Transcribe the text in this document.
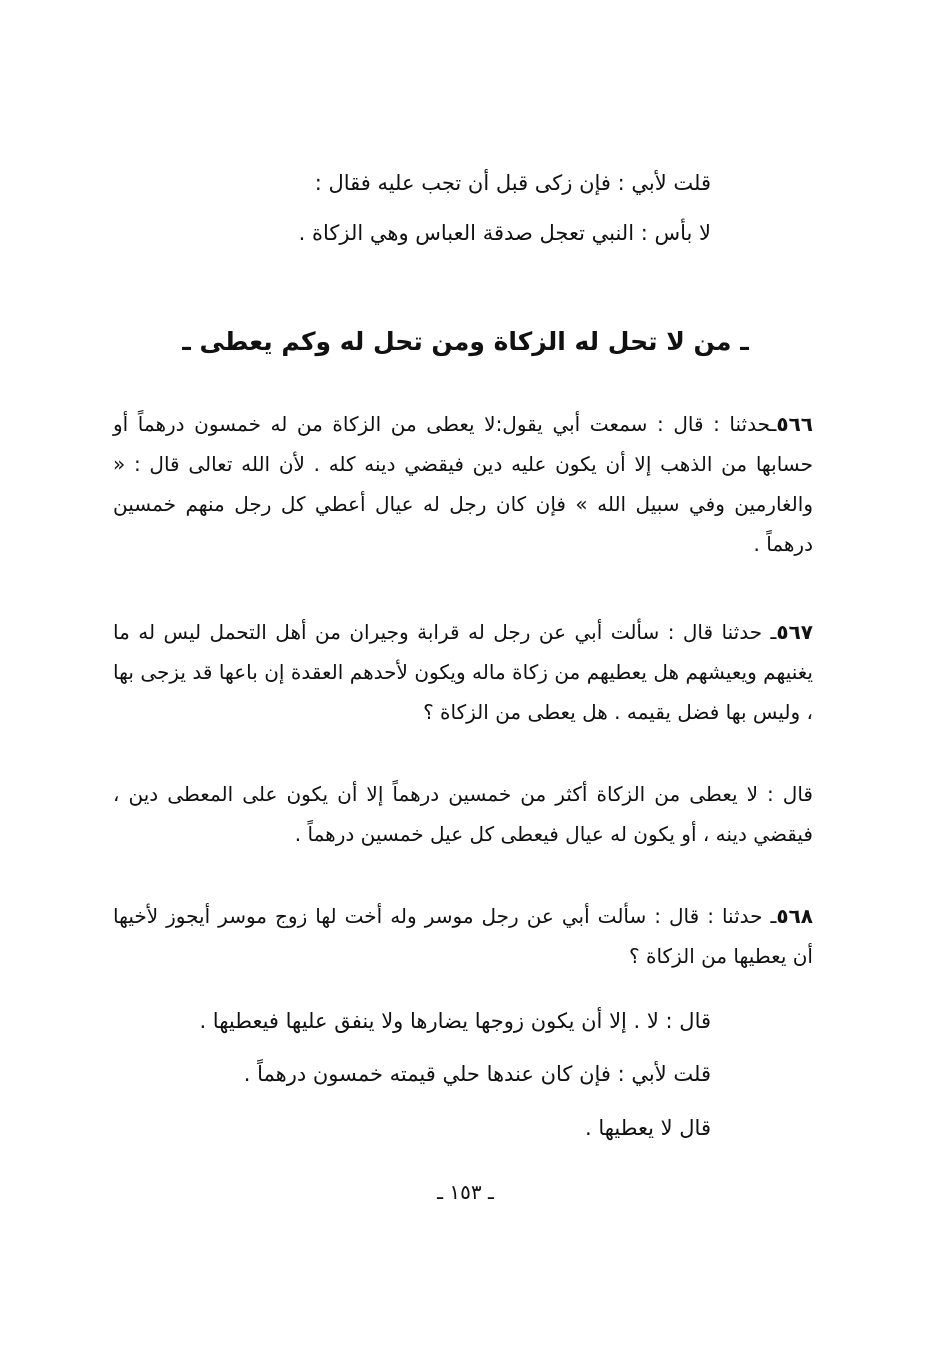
قلت لأبي : فإن زكى قبل أن تجب عليه فقال :
لا بأس : النبي تعجل صدقة العباس وهي الزكاة .
ـ من لا تحل له الزكاة ومن تحل له وكم يعطى ـ
٥٦٦ـحدثنا : قال : سمعت أبي يقول:لا يعطى من الزكاة من له خمسون درهماً أو حسابها من الذهب إلا أن يكون عليه دين فيقضي دينه كله . لأن الله تعالى قال : « والغارمين وفي سبيل الله » فإن كان رجل له عيال أعطي كل رجل منهم خمسين درهماً .
٥٦٧ـ حدثنا قال : سألت أبي عن رجل له قرابة وجيران من أهل التحمل ليس له ما يغنيهم ويعيشهم هل يعطيهم من زكاة ماله ويكون لأحدهم العقدة إن باعها قد يزجى بها ، وليس بها فضل يقيمه . هل يعطى من الزكاة ؟
قال : لا يعطى من الزكاة أكثر من خمسين درهماً إلا أن يكون على المعطى دين ، فيقضي دينه ، أو يكون له عيال فيعطى كل عيل خمسين درهماً .
٥٦٨ـ حدثنا : قال : سألت أبي عن رجل موسر وله أخت لها زوج موسر أيجوز لأخيها أن يعطيها من الزكاة ؟
قال : لا . إلا أن يكون زوجها يضارها ولا ينفق عليها فيعطيها .
قلت لأبي : فإن كان عندها حلي قيمته خمسون درهماً .
قال لا يعطيها .
ـ ١٥٣ ـ
